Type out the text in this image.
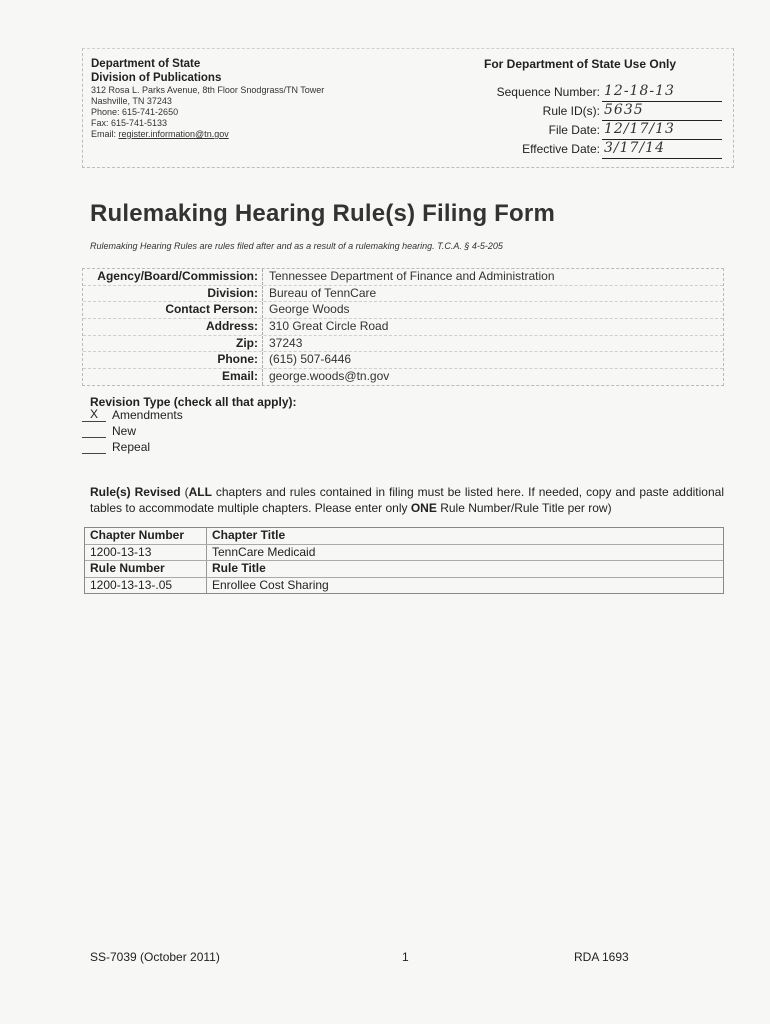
Department of State
Division of Publications
312 Rosa L. Parks Avenue, 8th Floor Snodgrass/TN Tower
Nashville, TN 37243
Phone: 615-741-2650
Fax: 615-741-5133
Email: register.information@tn.gov
For Department of State Use Only
Sequence Number: 12-18-13
Rule ID(s): 5635
File Date: 12/17/13
Effective Date: 3/17/14
Rulemaking Hearing Rule(s) Filing Form
Rulemaking Hearing Rules are rules filed after and as a result of a rulemaking hearing. T.C.A. § 4-5-205
Agency/Board/Commission: Tennessee Department of Finance and Administration
Division: Bureau of TennCare
Contact Person: George Woods
Address: 310 Great Circle Road
Zip: 37243
Phone: (615) 507-6446
Email: george.woods@tn.gov
Revision Type (check all that apply):
X Amendments
New
Repeal
Rule(s) Revised (ALL chapters and rules contained in filing must be listed here. If needed, copy and paste additional tables to accommodate multiple chapters. Please enter only ONE Rule Number/Rule Title per row)
Chapter Number	Chapter Title
1200-13-13	TennCare Medicaid
Rule Number	Rule Title
1200-13-13-.05	Enrollee Cost Sharing
SS-7039 (October 2011)	1	RDA 1693
